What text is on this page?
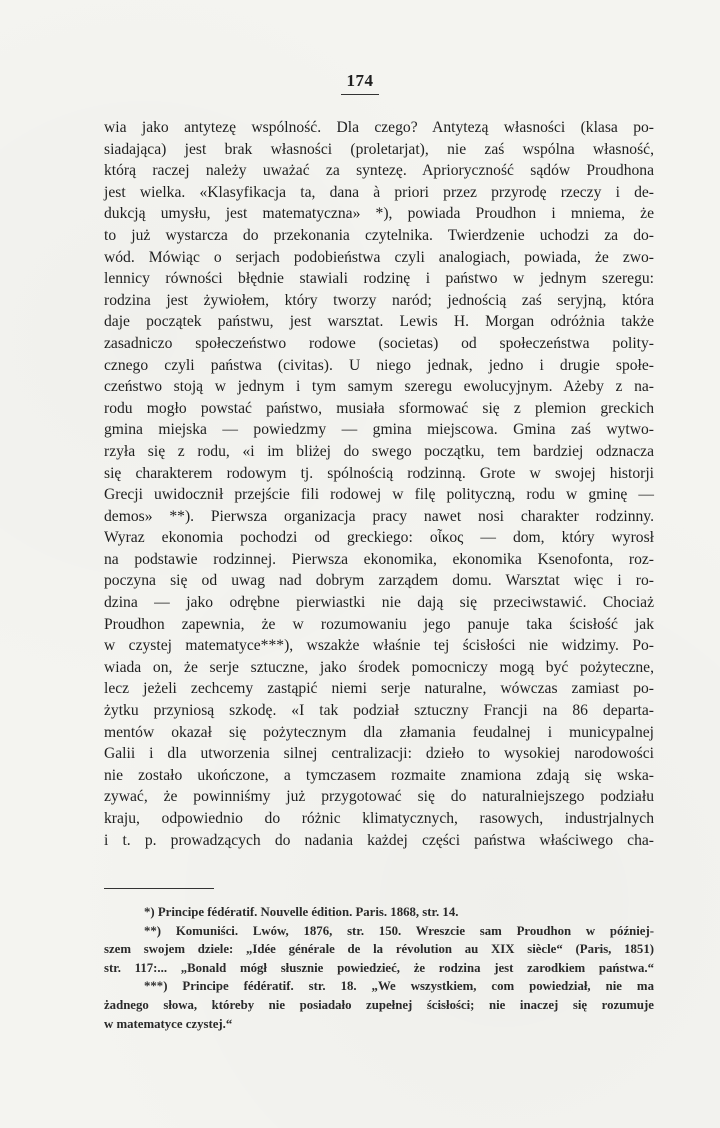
174
wia jako antytezę wspólność. Dla czego? Antytezą własności (klasa po-
siadająca) jest brak własności (proletarjat), nie zaś wspólna własność,
którą raczej należy uważać za syntezę. Aprioryczność sądów Proudhona
jest wielka. «Klasyfikacja ta, dana à priori przez przyrodę rzeczy i de-
dukcją umysłu, jest matematyczna» *), powiada Proudhon i mniema, że
to już wystarcza do przekonania czytelnika. Twierdzenie uchodzi za do-
wód. Mówiąc o serjach podobieństwa czyli analogiach, powiada, że zwo-
lennicy równości błędnie stawiali rodzinę i państwo w jednym szeregu:
rodzina jest żywiołem, który tworzy naród; jednością zaś seryjną, która
daje początek państwu, jest warsztat. Lewis H. Morgan odróżnia także
zasadniczo społeczeństwo rodowe (societas) od społeczeństwa polity-
cznego czyli państwa (civitas). U niego jednak, jedno i drugie społe-
czeństwo stoją w jednym i tym samym szeregu ewolucyjnym. Ażeby z na-
rodu mogło powstać państwo, musiała sformować się z plemion greckich
gmina miejska — powiedzmy — gmina miejscowa. Gmina zaś wytwo-
rzyła się z rodu, «i im bliżej do swego początku, tem bardziej odznacza
się charakterem rodowym tj. spólnością rodzinną. Grote w swojej historji
Grecji uwidocznił przejście fili rodowej w filę polityczną, rodu w gminę —
demos» **). Pierwsza organizacja pracy nawet nosi charakter rodzinny.
Wyraz ekonomia pochodzi od greckiego: οἶκος — dom, który wyrosł
na podstawie rodzinnej. Pierwsza ekonomika, ekonomika Ksenofonta, roz-
poczyna się od uwag nad dobrym zarządem domu. Warsztat więc i ro-
dzina — jako odrębne pierwiastki nie dają się przeciwstawić. Chociaż
Proudhon zapewnia, że w rozumowaniu jego panuje taka ścisłość jak
w czystej matematyce***), wszakże właśnie tej ścisłości nie widzimy. Po-
wiada on, że serje sztuczne, jako środek pomocniczy mogą być pożyteczne,
lecz jeżeli zechcemy zastąpić niemi serje naturalne, wówczas zamiast po-
żytku przyniosą szkodę. «I tak podział sztuczny Francji na 86 departa-
mentów okazał się pożytecznym dla złamania feudalnej i municypalnej
Galii i dla utworzenia silnej centralizacji: dzieło to wysokiej narodowości
nie zostało ukończone, a tymczasem rozmaite znamiona zdają się wska-
zywać, że powinniśmy już przygotować się do naturalniejszego podziału
kraju, odpowiednio do różnic klimatycznych, rasowych, industrjalnych
i t. p. prowadzących do nadania każdej części państwa właściwego cha-
*) Principe fédératif. Nouvelle édition. Paris. 1868, str. 14.
**) Komuniści. Lwów, 1876, str. 150. Wreszcie sam Proudhon w później-
szem swojem dziele: „Idée générale de la révolution au XIX siècle“ (Paris, 1851)
str. 117:... „Bonald mógł słusznie powiedzieć, że rodzina jest zarodkiem państwa.“
***) Principe fédératif. str. 18. „We wszystkiem, com powiedział, nie ma
żadnego słowa, któreby nie posiadało zupełnej ścisłości; nie inaczej się rozumuje
w matematyce czystej.“
